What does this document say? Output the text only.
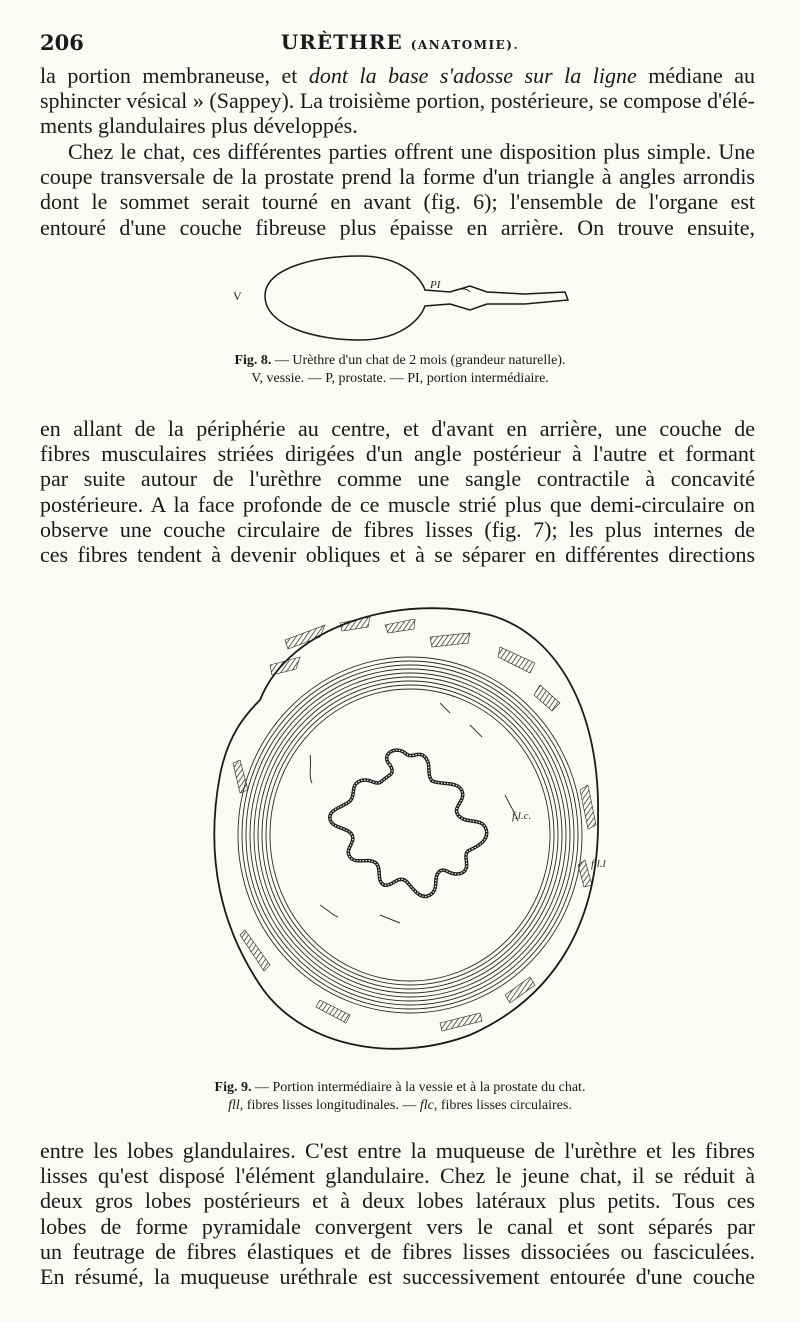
206	URÈTHRE (ANATOMIE).
la portion membraneuse, et dont la base s'adosse sur la ligne médiane au
sphincter vésical » (Sappey). La troisième portion, postérieure, se compose d'élé-
ments glandulaires plus développés.
Chez le chat, ces différentes parties offrent une disposition plus simple. Une
coupe transversale de la prostate prend la forme d'un triangle à angles arrondis
dont le sommet serait tourné en avant (fig. 6); l'ensemble de l'organe est
entouré d'une couche fibreuse plus épaisse en arrière. On trouve ensuite,
V
PI
Fig. 8. — Urèthre d'un chat de 2 mois (grandeur naturelle).
V, vessie. — P, prostate. — PI, portion intermédiaire.
en allant de la périphérie au centre, et d'avant en arrière, une couche de
fibres musculaires striées dirigées d'un angle postérieur à l'autre et formant
par suite autour de l'urèthre comme une sangle contractile à concavité
postérieure. A la face profonde de ce muscle strié plus que demi-circulaire on
observe une couche circulaire de fibres lisses (fig. 7); les plus internes de
ces fibres tendent à devenir obliques et à se séparer en différentes directions
f.l.c.
f.l.l
Fig. 9. — Portion intermédiaire à la vessie et à la prostate du chat.
fll, fibres lisses longitudinales. — flc, fibres lisses circulaires.
entre les lobes glandulaires. C'est entre la muqueuse de l'urèthre et les fibres
lisses qu'est disposé l'élément glandulaire. Chez le jeune chat, il se réduit à
deux gros lobes postérieurs et à deux lobes latéraux plus petits. Tous ces
lobes de forme pyramidale convergent vers le canal et sont séparés par
un feutrage de fibres élastiques et de fibres lisses dissociées ou fasciculées.
En résumé, la muqueuse uréthrale est successivement entourée d'une couche
